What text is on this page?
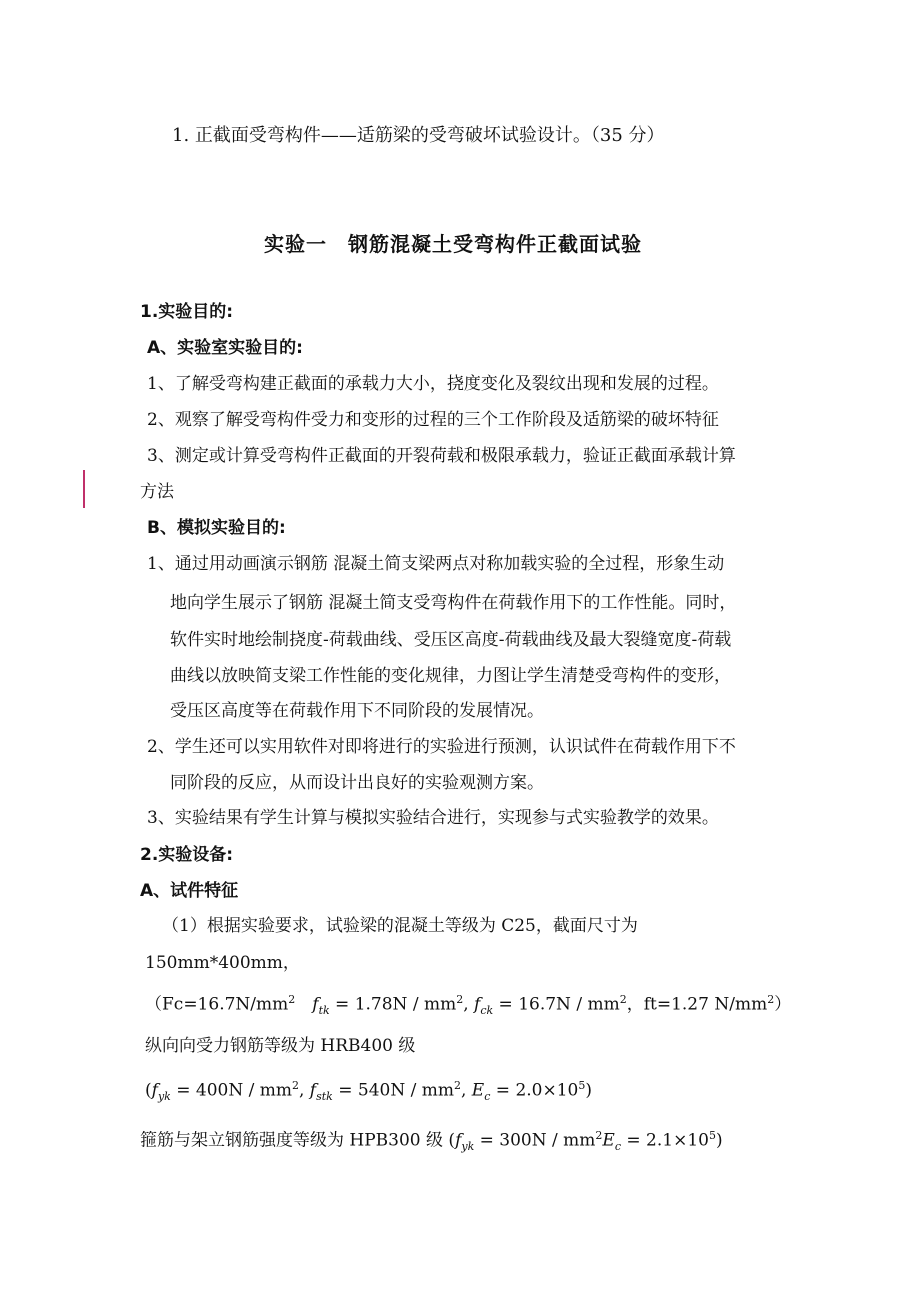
1. 正截面受弯构件——适筋梁的受弯破坏试验设计。（35 分）
实验一　钢筋混凝土受弯构件正截面试验
1.实验目的:
A、实验室实验目的:
1、了解受弯构建正截面的承载力大小，挠度变化及裂纹出现和发展的过程。
2、观察了解受弯构件受力和变形的过程的三个工作阶段及适筋梁的破坏特征
3、测定或计算受弯构件正截面的开裂荷载和极限承载力，验证正截面承载计算
方法
B、模拟实验目的:
1、通过用动画演示钢筋 混凝土简支梁两点对称加载实验的全过程，形象生动
地向学生展示了钢筋 混凝土简支受弯构件在荷载作用下的工作性能。同时，
软件实时地绘制挠度-荷载曲线、受压区高度-荷载曲线及最大裂缝宽度-荷载
曲线以放映简支梁工作性能的变化规律，力图让学生清楚受弯构件的变形，
受压区高度等在荷载作用下不同阶段的发展情况。
2、学生还可以实用软件对即将进行的实验进行预测，认识试件在荷载作用下不
同阶段的反应，从而设计出良好的实验观测方案。
3、实验结果有学生计算与模拟实验结合进行，实现参与式实验教学的效果。
2.实验设备:
A、试件特征
（1）根据实验要求，试验梁的混凝土等级为 C25，截面尺寸为
150mm*400mm，
（$Fc=16.7N/mm^2$　 $f_{tk} = 1.78N / mm^2$, $f_{ck} = 16.7N / mm^2$，ft=1.27 $N/mm^2$）
纵向向受力钢筋等级为 HRB400 级
($f_{yk} = 400N / mm^2$, $f_{stk} = 540N / mm^2$, $E_c = 2.0\times 10^5$)
箍筋与架立钢筋强度等级为 HPB300 级 $(f_{yk} = 300N / mm^2E_c = 2.1\times 10^5)$
